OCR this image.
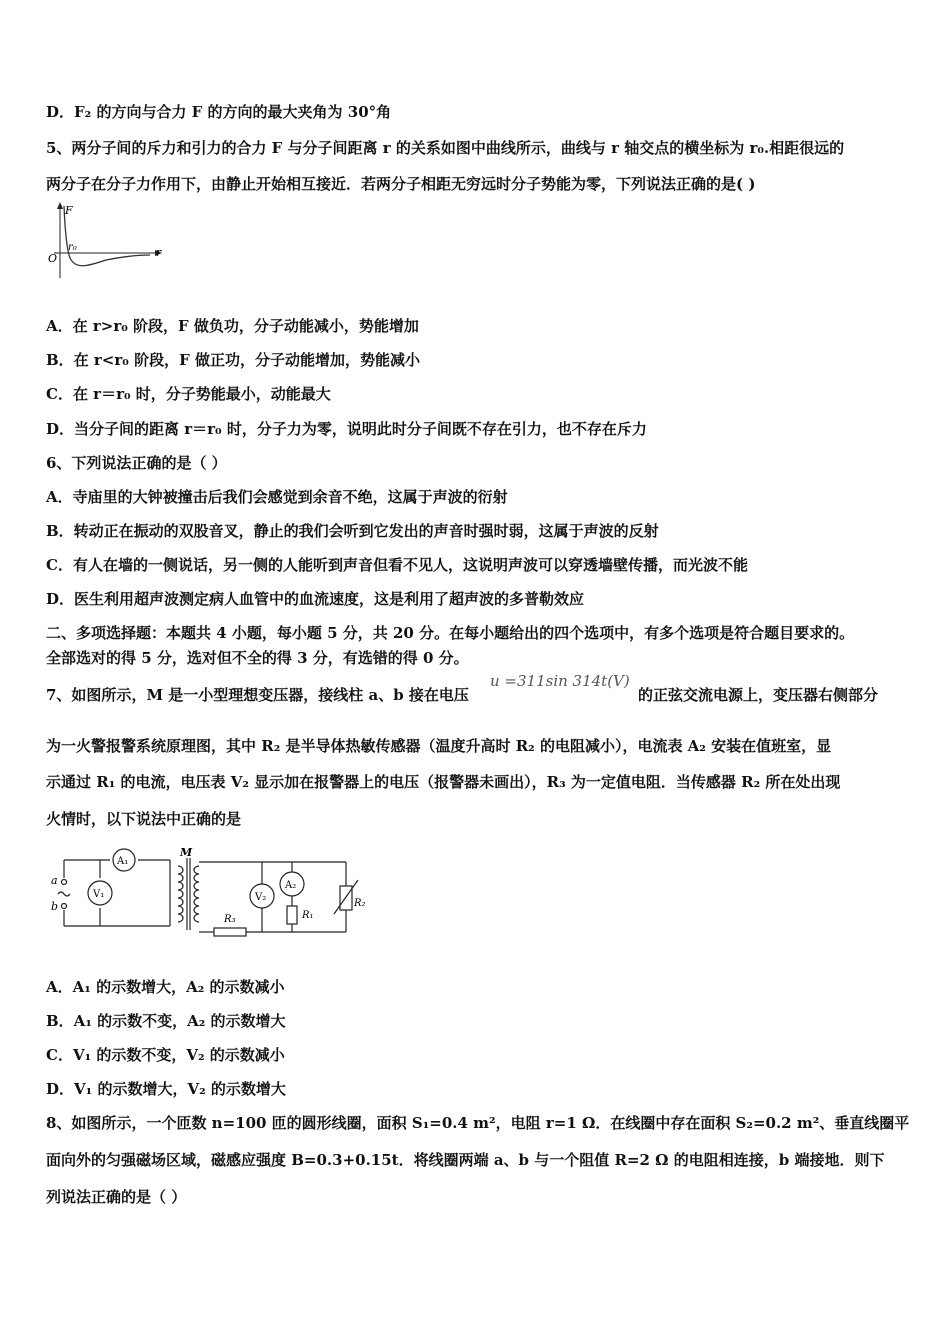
D．F₂ 的方向与合力 F 的方向的最大夹角为 30°角
5、两分子间的斥力和引力的合力 F 与分子间距离 r 的关系如图中曲线所示，曲线与 r 轴交点的横坐标为 r₀.相距很远的
两分子在分子力作用下，由静止开始相互接近．若两分子相距无穷远时分子势能为零，下列说法正确的是( )
F
r
O
r₀
A．在 r>r₀ 阶段，F 做负功，分子动能减小，势能增加
B．在 r<r₀ 阶段，F 做正功，分子动能增加，势能减小
C．在 r＝r₀ 时，分子势能最小，动能最大
D．当分子间的距离 r＝r₀ 时，分子力为零，说明此时分子间既不存在引力，也不存在斥力
6、下列说法正确的是（ ）
A．寺庙里的大钟被撞击后我们会感觉到余音不绝，这属于声波的衍射
B．转动正在振动的双股音叉，静止的我们会听到它发出的声音时强时弱，这属于声波的反射
C．有人在墙的一侧说话，另一侧的人能听到声音但看不见人，这说明声波可以穿透墙壁传播，而光波不能
D．医生利用超声波测定病人血管中的血流速度，这是利用了超声波的多普勒效应
二、多项选择题：本题共 4 小题，每小题 5 分，共 20 分。在每小题给出的四个选项中，有多个选项是符合题目要求的。
全部选对的得 5 分，选对但不全的得 3 分，有选错的得 0 分。
7、如图所示，M 是一小型理想变压器，接线柱 a、b 接在电压
u =311sin 314t(V)
的正弦交流电源上，变压器右侧部分
为一火警报警系统原理图，其中 R₂ 是半导体热敏传感器（温度升高时 R₂ 的电阻减小），电流表 A₂ 安装在值班室，显
示通过 R₁ 的电流，电压表 V₂ 显示加在报警器上的电压（报警器未画出），R₃ 为一定值电阻．当传感器 R₂ 所在处出现
火情时，以下说法中正确的是
M
A₁
V₁	V₂
A₂
R₁
R₂
R₃
a
b
A．A₁ 的示数增大，A₂ 的示数减小
B．A₁ 的示数不变，A₂ 的示数增大
C．V₁ 的示数不变，V₂ 的示数减小
D．V₁ 的示数增大，V₂ 的示数增大
8、如图所示，一个匝数 n=100 匝的圆形线圈，面积 S₁=0.4 m²，电阻 r=1 Ω．在线圈中存在面积 S₂=0.2 m²、垂直线圈平
面向外的匀强磁场区域，磁感应强度 B=0.3+0.15t．将线圈两端 a、b 与一个阻值 R=2 Ω 的电阻相连接，b 端接地．则下
列说法正确的是（ ）
